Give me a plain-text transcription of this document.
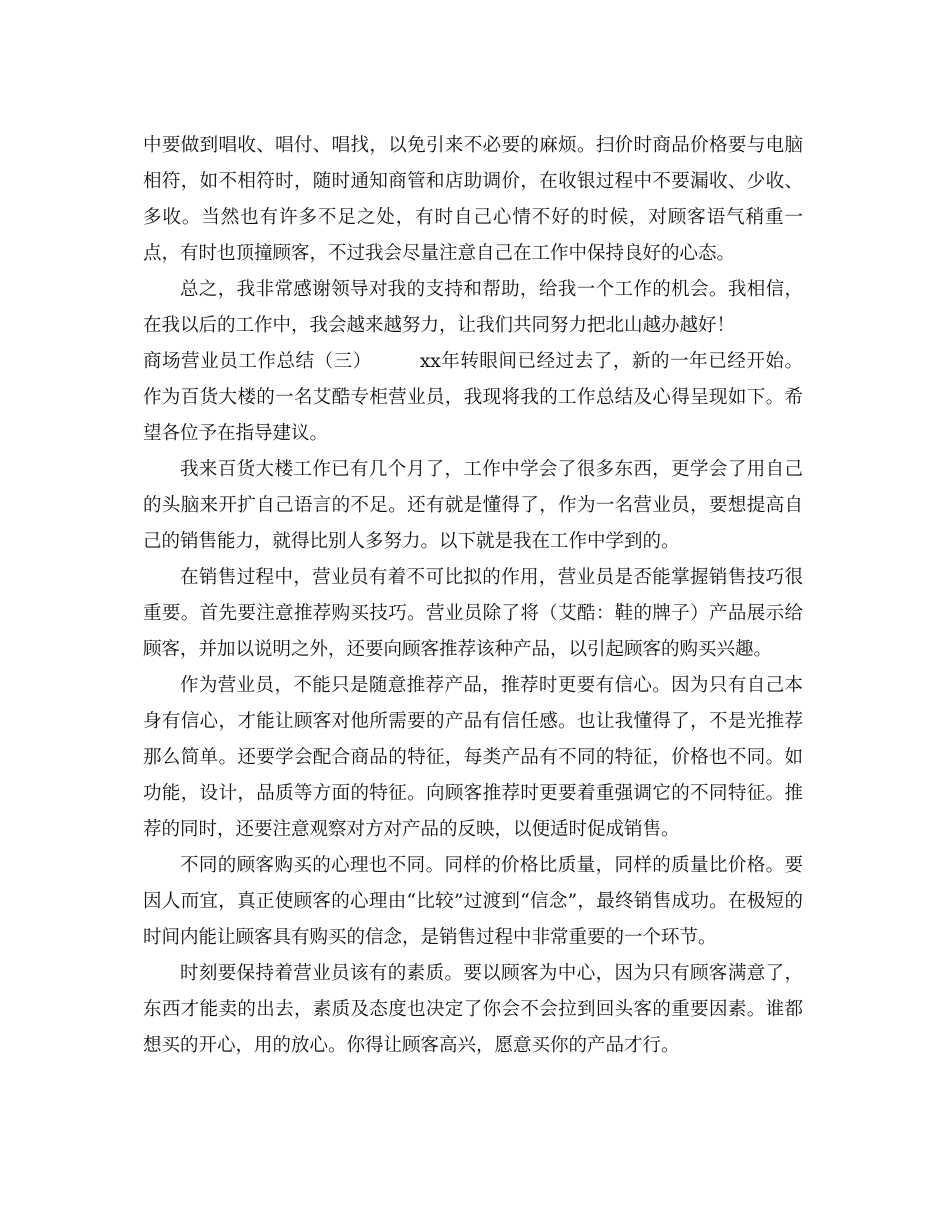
中要做到唱收、唱付、唱找，以免引来不必要的麻烦。扫价时商品价格要与电脑相符，如不相符时，随时通知商管和店助调价，在收银过程中不要漏收、少收、多收。当然也有许多不足之处，有时自己心情不好的时候，对顾客语气稍重一点，有时也顶撞顾客，不过我会尽量注意自己在工作中保持良好的心态。

总之，我非常感谢领导对我的支持和帮助，给我一个工作的机会。我相信，在我以后的工作中，我会越来越努力，让我们共同努力把北山越办越好！

商场营业员工作总结（三）	xx年转眼间已经过去了，新的一年已经开始。作为百货大楼的一名艾酷专柜营业员，我现将我的工作总结及心得呈现如下。希望各位予在指导建议。

我来百货大楼工作已有几个月了，工作中学会了很多东西，更学会了用自己的头脑来开扩自己语言的不足。还有就是懂得了，作为一名营业员，要想提高自己的销售能力，就得比别人多努力。以下就是我在工作中学到的。

在销售过程中，营业员有着不可比拟的作用，营业员是否能掌握销售技巧很重要。首先要注意推荐购买技巧。营业员除了将（艾酷：鞋的牌子）产品展示给顾客，并加以说明之外，还要向顾客推荐该种产品，以引起顾客的购买兴趣。

作为营业员，不能只是随意推荐产品，推荐时更要有信心。因为只有自己本身有信心，才能让顾客对他所需要的产品有信任感。也让我懂得了，不是光推荐那么简单。还要学会配合商品的特征，每类产品有不同的特征，价格也不同。如功能，设计，品质等方面的特征。向顾客推荐时更要着重强调它的不同特征。推荐的同时，还要注意观察对方对产品的反映，以便适时促成销售。

不同的顾客购买的心理也不同。同样的价格比质量，同样的质量比价格。要因人而宜，真正使顾客的心理由“比较”过渡到“信念”，最终销售成功。在极短的时间内能让顾客具有购买的信念，是销售过程中非常重要的一个环节。

时刻要保持着营业员该有的素质。要以顾客为中心，因为只有顾客满意了，东西才能卖的出去，素质及态度也决定了你会不会拉到回头客的重要因素。谁都想买的开心，用的放心。你得让顾客高兴，愿意买你的产品才行。
